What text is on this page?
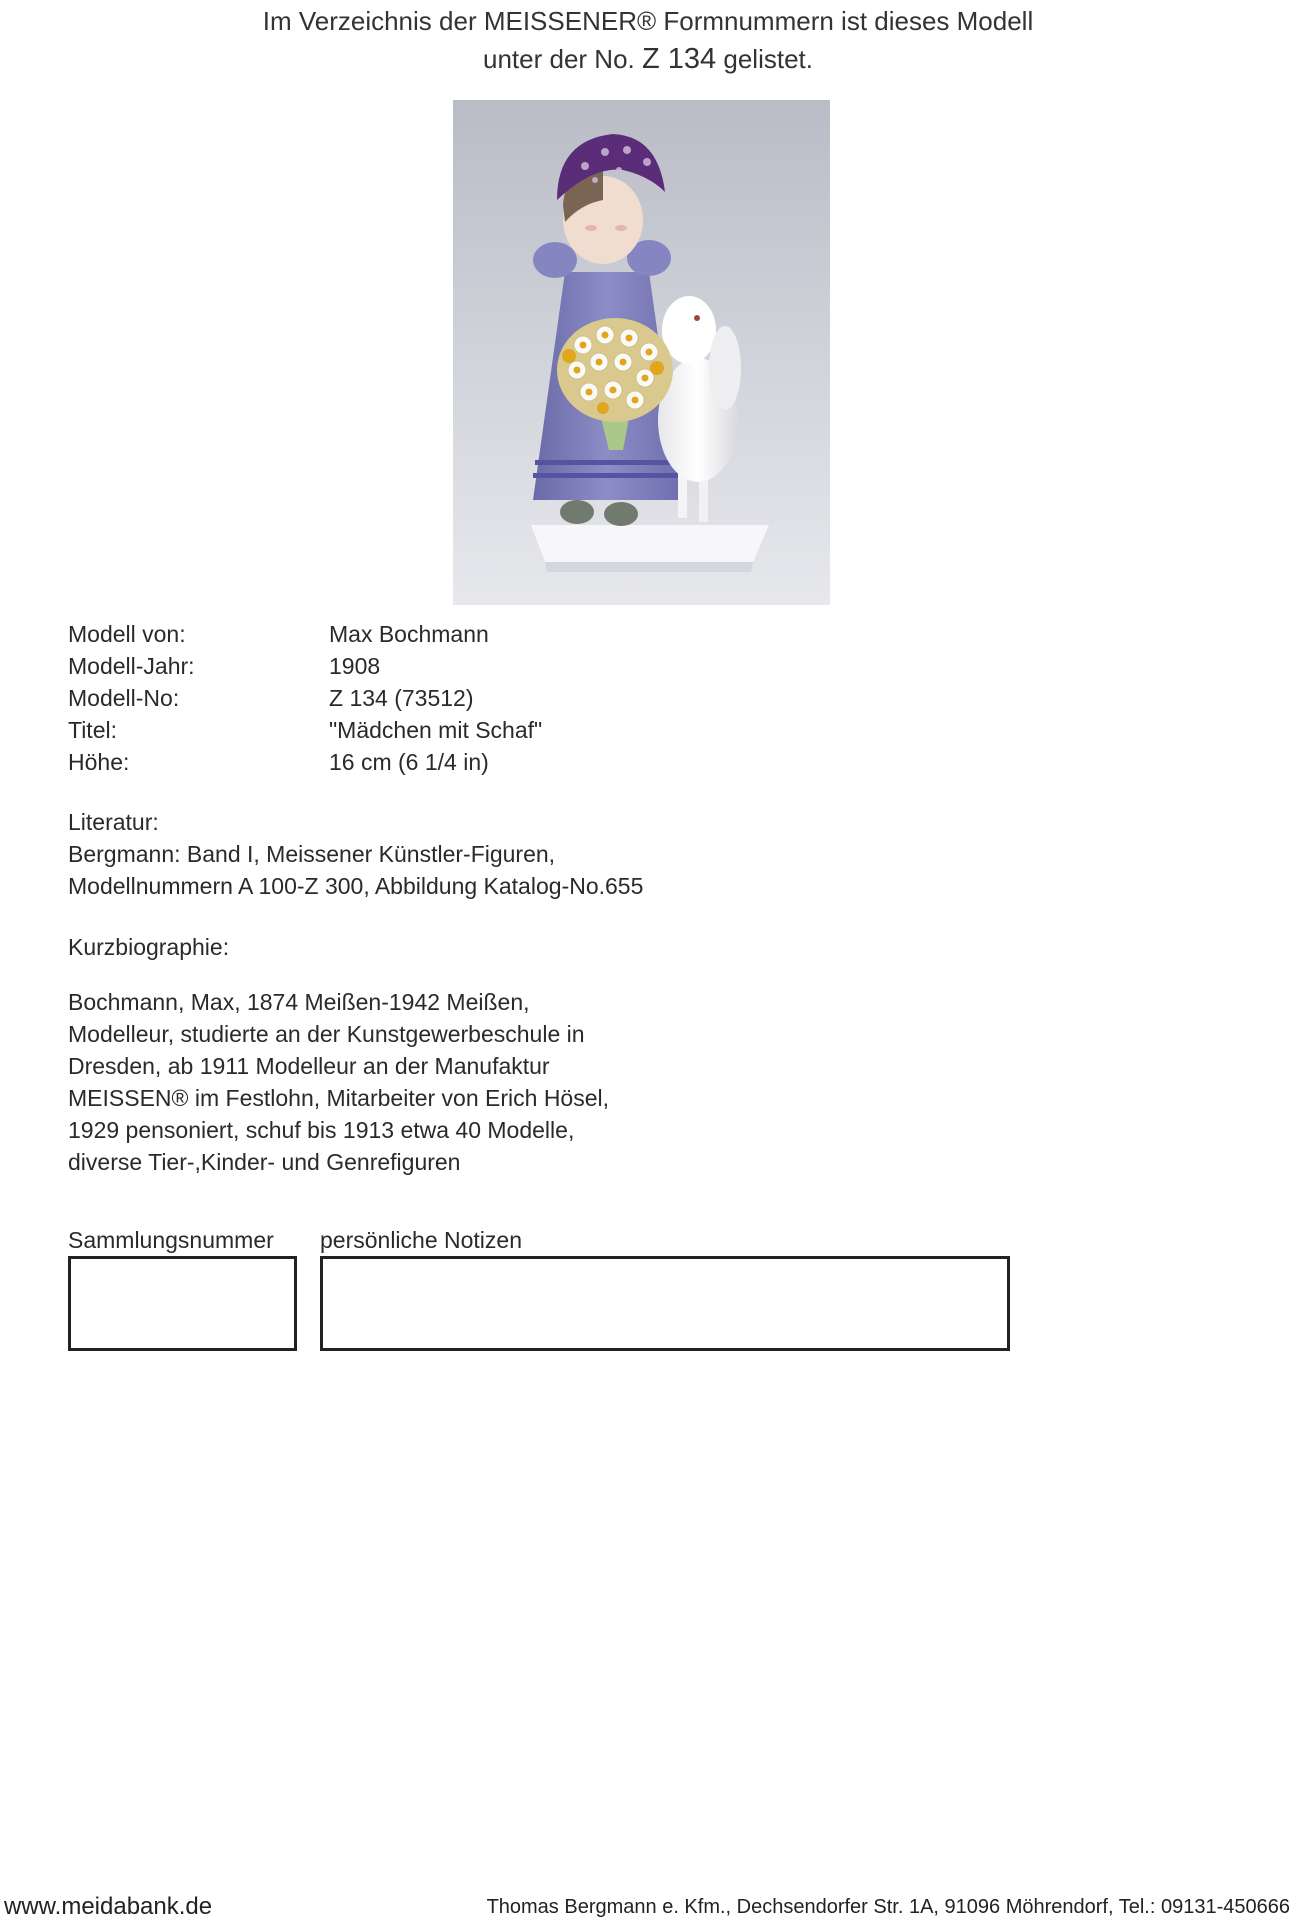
Im Verzeichnis der MEISSENER® Formnummern ist dieses Modell
unter der No. Z 134 gelistet.
Modell von:	Max Bochmann
Modell-Jahr:	1908
Modell-No:	Z 134 (73512)
Titel:	"Mädchen mit Schaf"
Höhe:	16 cm (6 1/4 in)
Literatur:
Bergmann: Band I, Meissener Künstler-Figuren,
Modellnummern A 100-Z 300, Abbildung Katalog-No.655
Kurzbiographie:
Bochmann, Max, 1874 Meißen-1942 Meißen,
Modelleur, studierte an der Kunstgewerbeschule in
Dresden, ab 1911 Modelleur an der Manufaktur
MEISSEN® im Festlohn, Mitarbeiter von Erich Hösel,
1929 pensoniert, schuf bis 1913 etwa 40 Modelle,
diverse Tier-,Kinder- und Genrefiguren
Sammlungsnummer persönliche Notizen
www.meidabank.de	Thomas Bergmann e. Kfm., Dechsendorfer Str. 1A, 91096 Möhrendorf, Tel.: 09131-450666
